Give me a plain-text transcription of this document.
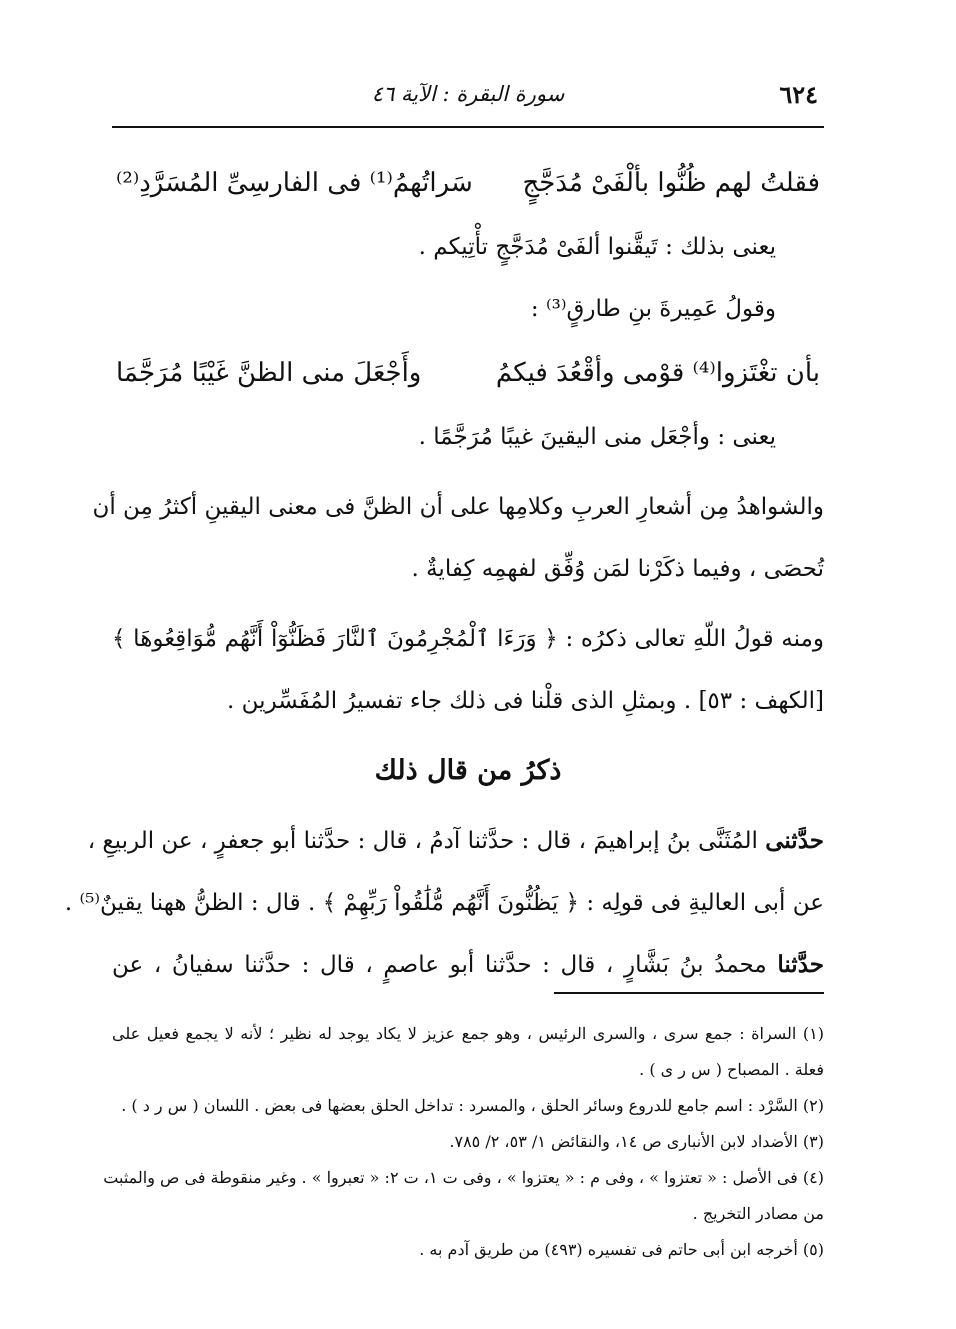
٦٢٤
سورة البقرة : الآية ٤٦
فقلتُ لهم ظُنُّوا بألْفَىْ مُدَجَّجٍ
سَراتُهمُ⁽¹⁾ فى الفارسِىِّ المُسَرَّدِ⁽²⁾
يعنى بذلك : تَيقَّنوا ألفَىْ مُدَجَّجٍ تأْتِيكم .
وقولُ عَمِيرةَ بنِ طارقٍ⁽³⁾ :
بأن تغْتَزوا⁽⁴⁾ قوْمى وأقْعُدَ فيكمُ
وأَجْعَلَ منى الظنَّ غَيْبًا مُرَجَّمَا
يعنى : وأجْعَل منى اليقينَ غيبًا مُرَجَّمًا .
والشواهدُ مِن أشعارِ العربِ وكلامِها على أن الظنَّ فى معنى اليقينِ أكثرُ مِن أن
تُحصَى ، وفيما ذكَرْنا لمَن وُفِّق لفهمِه كِفايةٌ .
ومنه قولُ اللّهِ تعالى ذكرُه : ﴿ وَرَءَا ٱلْمُجْرِمُونَ ٱلنَّارَ فَظَنُّوٓاْ أَنَّهُم مُّوَاقِعُوهَا ﴾
[الكهف : ٥٣] . وبمثلِ الذى قلْنا فى ذلك جاء تفسيرُ المُفَسِّرين .
ذكرُ من قال ذلك
حدَّثنى المُثَنَّى بنُ إبراهيمَ ، قال : حدَّثنا آدمُ ، قال : حدَّثنا أبو جعفرٍ ، عن الربيعِ ،
عن أبى العاليةِ فى قولِه : ﴿ يَظُنُّونَ أَنَّهُم مُّلَٰقُواْ رَبِّهِمْ ﴾ . قال : الظنُّ ههنا يقينٌ⁽⁵⁾ .
حدَّثنا محمدُ بنُ بَشَّارٍ ، قال : حدَّثنا أبو عاصمٍ ، قال : حدَّثنا سفيانُ ، عن
(١) السراة : جمع سرى ، والسرى الرئيس ، وهو جمع عزيز لا يكاد يوجد له نظير ؛ لأنه لا يجمع فعيل على
فعلة . المصباح ( س ر ى ) .
(٢) السَّرْد : اسم جامع للدروع وسائر الحلق ، والمسرد : تداخل الحلق بعضها فى بعض . اللسان ( س ر د ) .
(٣) الأضداد لابن الأنبارى ص ١٤، والنقائض ١/ ٥٣، ٢/ ٧٨٥.
(٤) فى الأصل : « تعتزوا » ، وفى م : « يعتزوا » ، وفى ت ١، ت ٢: « تعبروا » . وغير منقوطة فى ص والمثبت
من مصادر التخريج .
(٥) أخرجه ابن أبى حاتم فى تفسيره (٤٩٣) من طريق آدم به .
